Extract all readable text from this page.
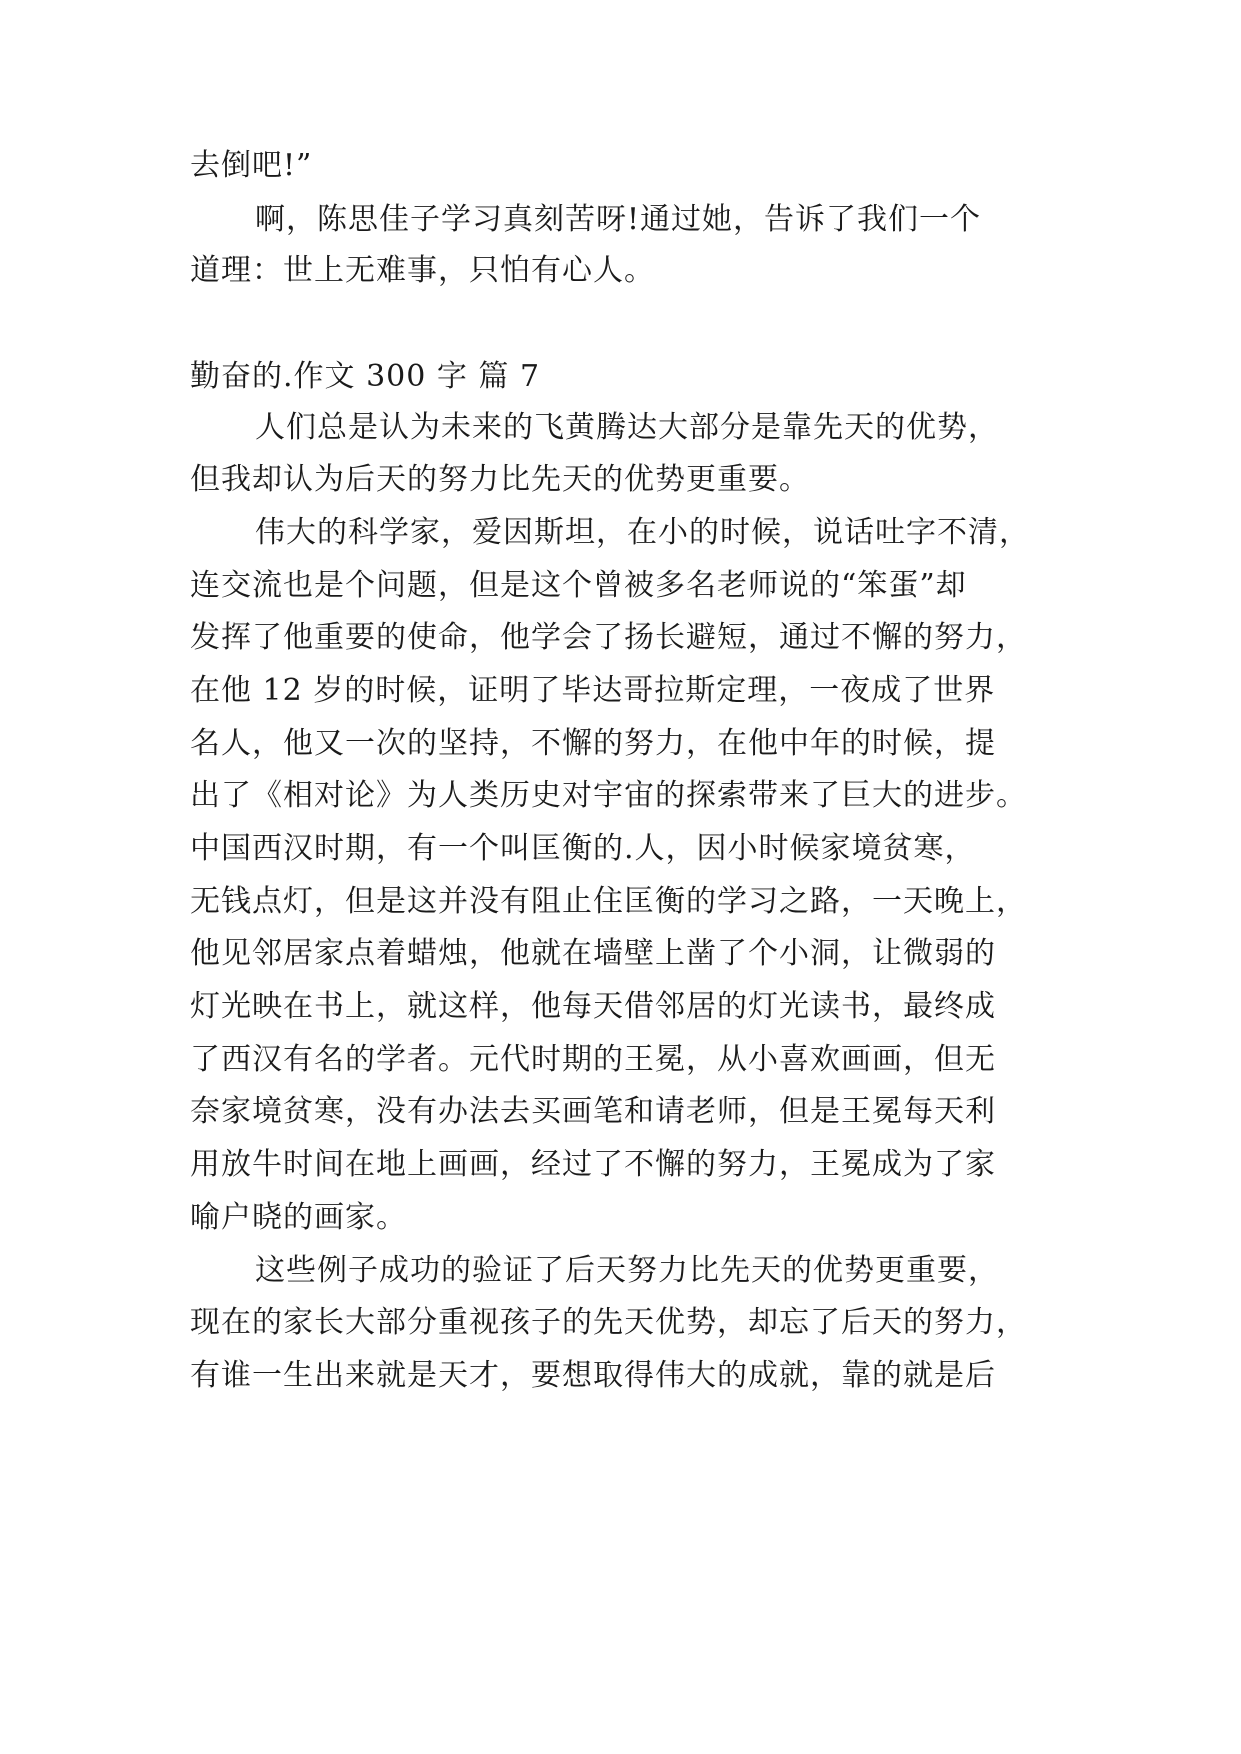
去倒吧!”
啊，陈思佳子学习真刻苦呀!通过她，告诉了我们一个
道理：世上无难事，只怕有心人。
勤奋的.作文 300 字 篇 7
人们总是认为未来的飞黄腾达大部分是靠先天的优势，
但我却认为后天的努力比先天的优势更重要。
伟大的科学家，爱因斯坦，在小的时候，说话吐字不清，
连交流也是个问题，但是这个曾被多名老师说的“笨蛋”却
发挥了他重要的使命，他学会了扬长避短，通过不懈的努力，
在他 12 岁的时候，证明了毕达哥拉斯定理，一夜成了世界
名人，他又一次的坚持，不懈的努力，在他中年的时候，提
出了《相对论》为人类历史对宇宙的探索带来了巨大的进步。
中国西汉时期，有一个叫匡衡的.人，因小时候家境贫寒，
无钱点灯，但是这并没有阻止住匡衡的学习之路，一天晚上，
他见邻居家点着蜡烛，他就在墙壁上凿了个小洞，让微弱的
灯光映在书上，就这样，他每天借邻居的灯光读书，最终成
了西汉有名的学者。元代时期的王冕，从小喜欢画画，但无
奈家境贫寒，没有办法去买画笔和请老师，但是王冕每天利
用放牛时间在地上画画，经过了不懈的努力，王冕成为了家
喻户晓的画家。
这些例子成功的验证了后天努力比先天的优势更重要，
现在的家长大部分重视孩子的先天优势，却忘了后天的努力，
有谁一生出来就是天才，要想取得伟大的成就，靠的就是后
